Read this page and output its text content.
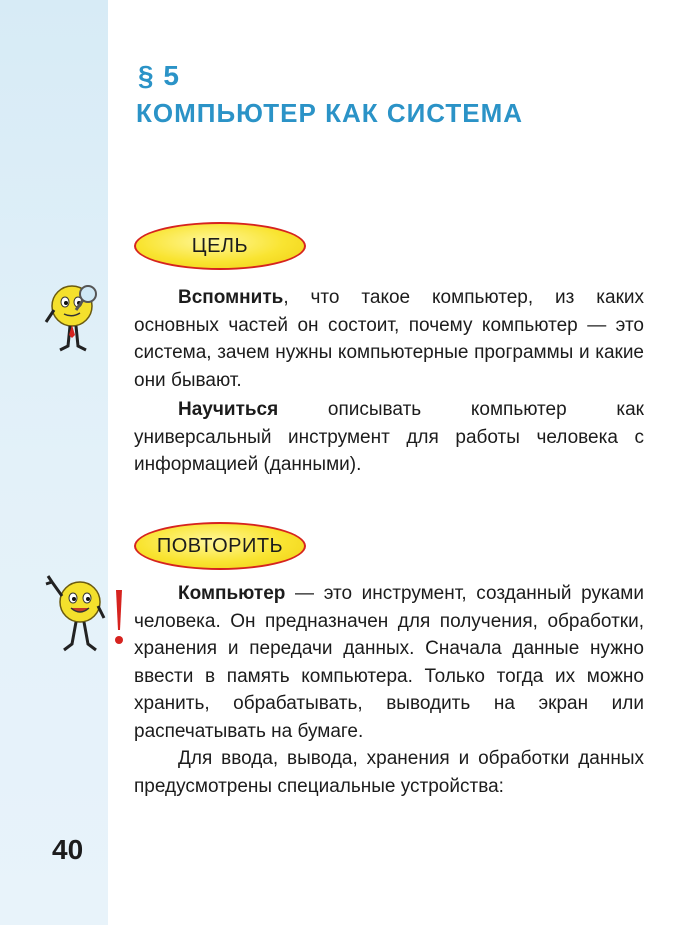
§ 5
КОМПЬЮТЕР КАК СИСТЕМА
ЦЕЛЬ

Вспомнить, что такое компьютер, из каких основных частей он состоит, почему компьютер — это система, зачем нужны компьютерные программы и какие они бывают.

Научиться описывать компьютер как универсальный инструмент для работы человека с информацией (данными).

ПОВТОРИТЬ

Компьютер — это инструмент, созданный руками человека. Он предназначен для получения, обработки, хранения и передачи данных. Сначала данные нужно ввести в память компьютера. Только тогда их можно хранить, обрабатывать, выводить на экран или распечатывать на бумаге.

Для ввода, вывода, хранения и обработки данных предусмотрены специальные устройства:

40
